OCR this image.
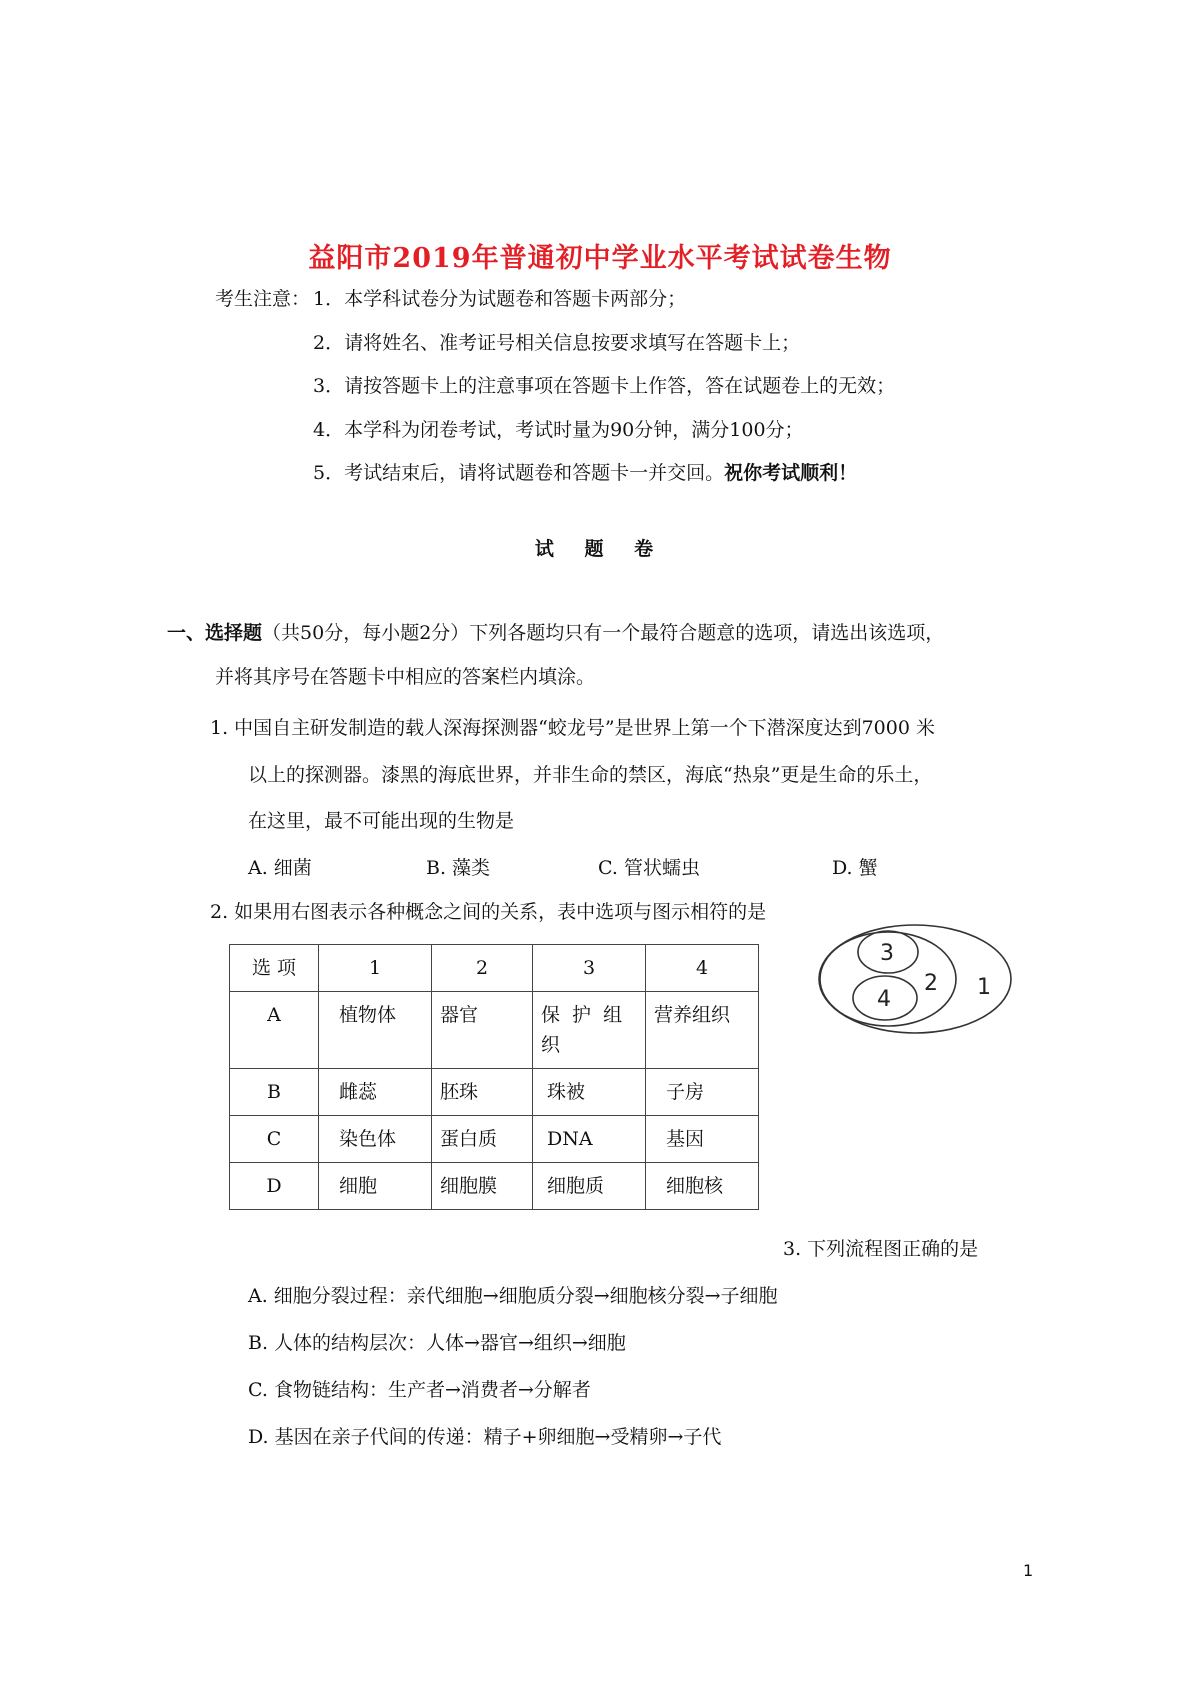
益阳市2019年普通初中学业水平考试试卷生物
考生注意： 1．本学科试卷分为试题卷和答题卡两部分；
2．请将姓名、准考证号相关信息按要求填写在答题卡上；
3．请按答题卡上的注意事项在答题卡上作答，答在试题卷上的无效；
4．本学科为闭卷考试，考试时量为90分钟，满分100分；
5．考试结束后，请将试题卷和答题卡一并交回。祝你考试顺利！
试 题 卷
一、选择题（共50分，每小题2分）下列各题均只有一个最符合题意的选项，请选出该选项，
并将其序号在答题卡中相应的答案栏内填涂。
1. 中国自主研发制造的载人深海探测器“蛟龙号”是世界上第一个下潜深度达到7000 米
以上的探测器。漆黑的海底世界，并非生命的禁区，海底“热泉”更是生命的乐土，
在这里，最不可能出现的生物是
A. 细菌	B. 藻类	C. 管状蠕虫	D. 蟹
2. 如果用右图表示各种概念之间的关系，表中选项与图示相符的是
选 项	1	2	3	4

A	植物体	器官	保 护 组 织	营养组织

B	雌蕊	胚珠	珠被	子房

C	染色体	蛋白质	DNA	基因

D	细胞	细胞膜	细胞质	细胞核
1
2
3
4
3. 下列流程图正确的是
A. 细胞分裂过程：亲代细胞→细胞质分裂→细胞核分裂→子细胞
B. 人体的结构层次：人体→器官→组织→细胞
C. 食物链结构：生产者→消费者→分解者
D. 基因在亲子代间的传递：精子+卵细胞→受精卵→子代
1
